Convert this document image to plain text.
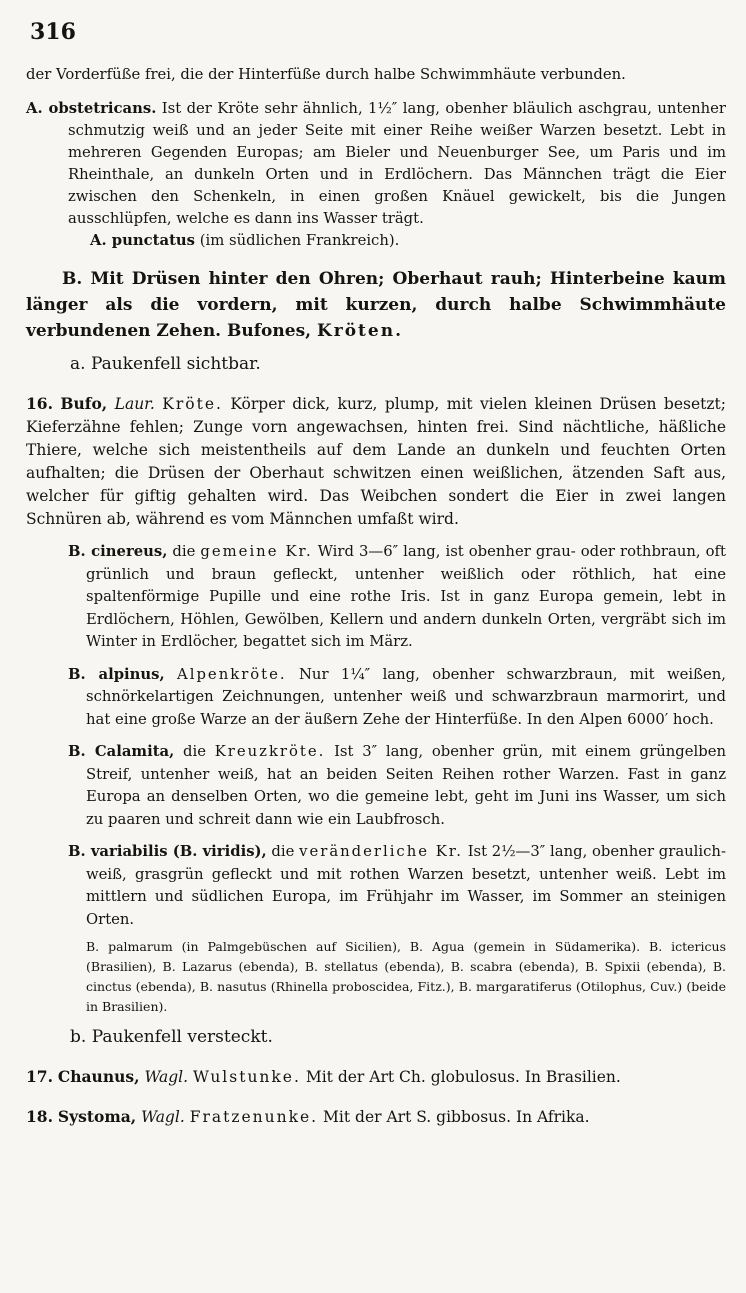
316

der Vorderfüße frei, die der Hinterfüße durch halbe Schwimmhäute verbunden.

A. obstetricans. Ist der Kröte sehr ähnlich, 1½″ lang, obenher bläulich aschgrau, untenher schmutzig weiß und an jeder Seite mit einer Reihe weißer Warzen besetzt. Lebt in mehreren Gegenden Europas; am Bieler und Neuenburger See, um Paris und im Rheinthale, an dunkeln Orten und in Erdlöchern. Das Männchen trägt die Eier zwischen den Schenkeln, in einen großen Knäuel gewickelt, bis die Jungen ausschlüpfen, welche es dann ins Wasser trägt.

A. punctatus (im südlichen Frankreich).

B. Mit Drüsen hinter den Ohren; Oberhaut rauh; Hinterbeine kaum länger als die vordern, mit kurzen, durch halbe Schwimmhäute verbundenen Zehen. Bufones, Kröten.

a. Paukenfell sichtbar.

16. Bufo, Laur. Kröte. Körper dick, kurz, plump, mit vielen kleinen Drüsen besetzt; Kieferzähne fehlen; Zunge vorn angewachsen, hinten frei. Sind nächtliche, häßliche Thiere, welche sich meistentheils auf dem Lande an dunkeln und feuchten Orten aufhalten; die Drüsen der Oberhaut schwitzen einen weißlichen, ätzenden Saft aus, welcher für giftig gehalten wird. Das Weibchen sondert die Eier in zwei langen Schnüren ab, während es vom Männchen umfaßt wird.

B. cinereus, die gemeine Kr. Wird 3—6″ lang, ist obenher grau- oder rothbraun, oft grünlich und braun gefleckt, untenher weißlich oder röthlich, hat eine spaltenförmige Pupille und eine rothe Iris. Ist in ganz Europa gemein, lebt in Erdlöchern, Höhlen, Gewölben, Kellern und andern dunkeln Orten, vergräbt sich im Winter in Erdlöcher, begattet sich im März.

B. alpinus, Alpenkröte. Nur 1¼″ lang, obenher schwarzbraun, mit weißen, schnörkelartigen Zeichnungen, untenher weiß und schwarzbraun marmorirt, und hat eine große Warze an der äußern Zehe der Hinterfüße. In den Alpen 6000′ hoch.

B. Calamita, die Kreuzkröte. Ist 3″ lang, obenher grün, mit einem grüngelben Streif, untenher weiß, hat an beiden Seiten Reihen rother Warzen. Fast in ganz Europa an denselben Orten, wo die gemeine lebt, geht im Juni ins Wasser, um sich zu paaren und schreit dann wie ein Laubfrosch.

B. variabilis (B. viridis), die veränderliche Kr. Ist 2½—3″ lang, obenher graulich-weiß, grasgrün gefleckt und mit rothen Warzen besetzt, untenher weiß. Lebt im mittlern und südlichen Europa, im Frühjahr im Wasser, im Sommer an steinigen Orten.

B. palmarum (in Palmgebüschen auf Sicilien), B. Agua (gemein in Südamerika). B. ictericus (Brasilien), B. Lazarus (ebenda), B. stellatus (ebenda), B. scabra (ebenda), B. Spixii (ebenda), B. cinctus (ebenda), B. nasutus (Rhinella proboscidea, Fitz.), B. margaratiferus (Otilophus, Cuv.) (beide in Brasilien).

b. Paukenfell versteckt.

17. Chaunus, Wagl. Wulstunke. Mit der Art Ch. globulosus. In Brasilien.

18. Systoma, Wagl. Fratzenunke. Mit der Art S. gibbosus. In Afrika.
